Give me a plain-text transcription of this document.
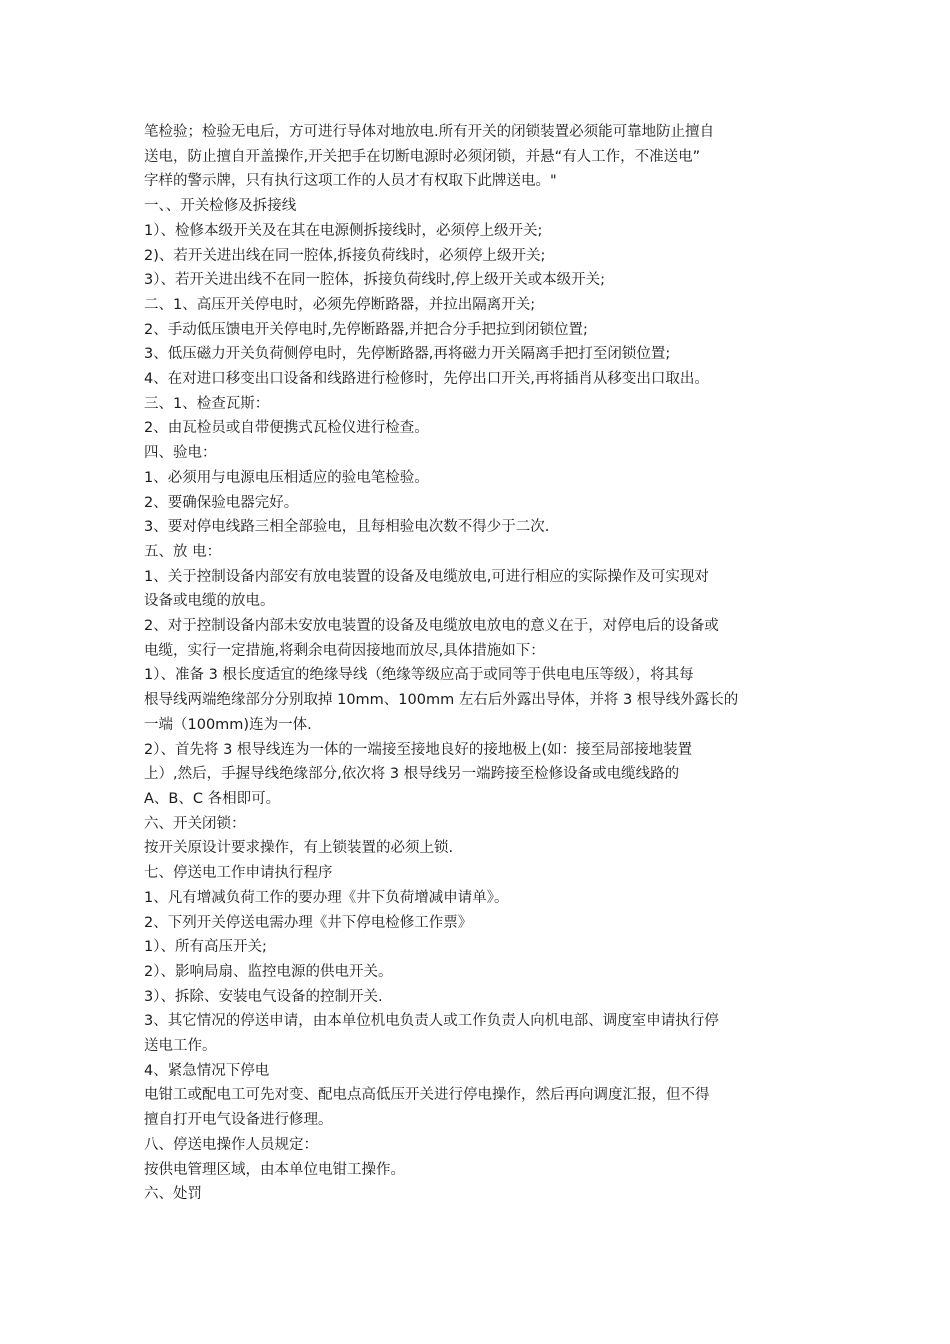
笔检验；检验无电后，方可进行导体对地放电.所有开关的闭锁装置必须能可靠地防止擅自

送电，防止擅自开盖操作,开关把手在切断电源时必须闭锁，并悬“有人工作，不准送电”

字样的警示牌，只有执行这项工作的人员才有权取下此牌送电。"

一、、开关检修及拆接线

1）、检修本级开关及在其在电源侧拆接线时，必须停上级开关;

2)、若开关进出线在同一腔体,拆接负荷线时，必须停上级开关;

3）、若开关进出线不在同一腔体，拆接负荷线时,停上级开关或本级开关;

二、1、高压开关停电时，必须先停断路器，并拉出隔离开关;

2、手动低压馈电开关停电时,先停断路器,并把合分手把拉到闭锁位置;

3、低压磁力开关负荷侧停电时，先停断路器,再将磁力开关隔离手把打至闭锁位置;

4、在对进口移变出口设备和线路进行检修时，先停出口开关,再将插肖从移变出口取出。

三、1、检查瓦斯：

2、由瓦检员或自带便携式瓦检仪进行检查。

四、验电：

1、必须用与电源电压相适应的验电笔检验。

2、要确保验电器完好。

3、要对停电线路三相全部验电，且每相验电次数不得少于二次.

五、放 电：

1、关于控制设备内部安有放电装置的设备及电缆放电,可进行相应的实际操作及可实现对

设备或电缆的放电。

2、对于控制设备内部未安放电装置的设备及电缆放电放电的意义在于，对停电后的设备或

电缆，实行一定措施,将剩余电荷因接地而放尽,具体措施如下：

1）、准备 3 根长度适宜的绝缘导线（绝缘等级应高于或同等于供电电压等级），将其每

根导线两端绝缘部分分别取掉 10mm、100mm 左右后外露出导体，并将 3 根导线外露长的

一端（100mm)连为一体.

2）、首先将 3 根导线连为一体的一端接至接地良好的接地极上(如：接至局部接地装置

上）,然后，手握导线绝缘部分,依次将 3 根导线另一端跨接至检修设备或电缆线路的

A、B、C 各相即可。

六、开关闭锁：

按开关原设计要求操作，有上锁装置的必须上锁.

七、停送电工作申请执行程序

1、凡有增减负荷工作的要办理《井下负荷增减申请单》。

2、下列开关停送电需办理《井下停电检修工作票》

1）、所有高压开关;

2）、影响局扇、监控电源的供电开关。

3）、拆除、安装电气设备的控制开关.

3、其它情况的停送申请，由本单位机电负责人或工作负责人向机电部、调度室申请执行停

送电工作。

4、紧急情况下停电

电钳工或配电工可先对变、配电点高低压开关进行停电操作，然后再向调度汇报，但不得

擅自打开电气设备进行修理。

八、停送电操作人员规定：

按供电管理区域，由本单位电钳工操作。

六、处罚
